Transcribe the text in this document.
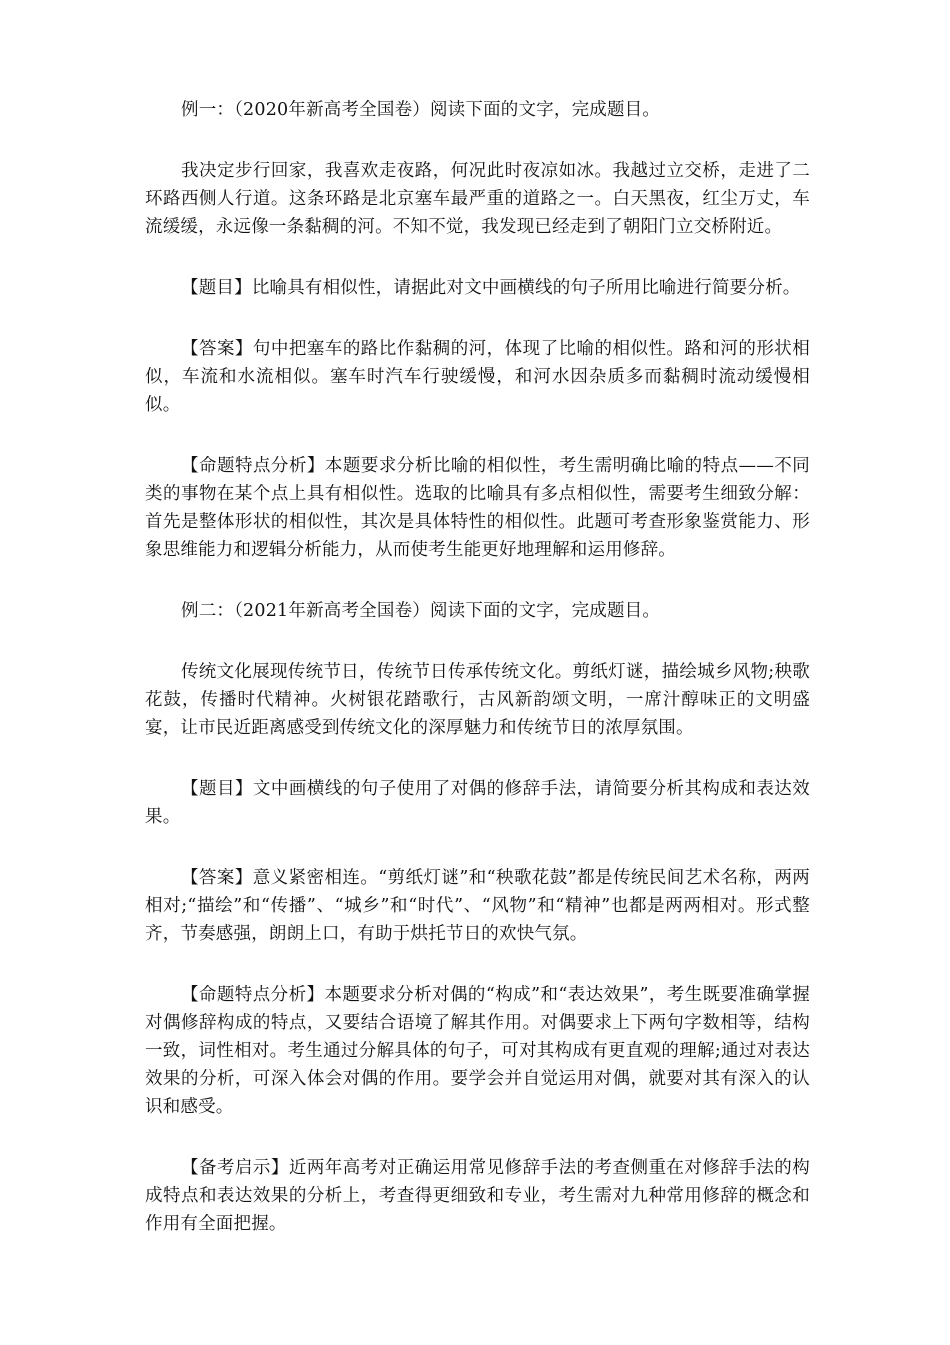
例一：（2020年新高考全国卷）阅读下面的文字，完成题目。

我决定步行回家，我喜欢走夜路，何况此时夜凉如冰。我越过立交桥，走进了二环路西侧人行道。这条环路是北京塞车最严重的道路之一。白天黑夜，红尘万丈，车流缓缓，永远像一条黏稠的河。不知不觉，我发现已经走到了朝阳门立交桥附近。

【题目】比喻具有相似性，请据此对文中画横线的句子所用比喻进行简要分析。

【答案】句中把塞车的路比作黏稠的河，体现了比喻的相似性。路和河的形状相似，车流和水流相似。塞车时汽车行驶缓慢，和河水因杂质多而黏稠时流动缓慢相似。

【命题特点分析】本题要求分析比喻的相似性，考生需明确比喻的特点——不同类的事物在某个点上具有相似性。选取的比喻具有多点相似性，需要考生细致分解：首先是整体形状的相似性，其次是具体特性的相似性。此题可考查形象鉴赏能力、形象思维能力和逻辑分析能力，从而使考生能更好地理解和运用修辞。

例二：（2021年新高考全国卷）阅读下面的文字，完成题目。

传统文化展现传统节日，传统节日传承传统文化。剪纸灯谜，描绘城乡风物;秧歌花鼓，传播时代精神。火树银花踏歌行，古风新韵颂文明，一席汁醇味正的文明盛宴，让市民近距离感受到传统文化的深厚魅力和传统节日的浓厚氛围。

【题目】文中画横线的句子使用了对偶的修辞手法，请简要分析其构成和表达效果。

【答案】意义紧密相连。“剪纸灯谜”和“秧歌花鼓”都是传统民间艺术名称，两两相对;“描绘”和“传播”、“城乡”和“时代”、“风物”和“精神”也都是两两相对。形式整齐，节奏感强，朗朗上口，有助于烘托节日的欢快气氛。

【命题特点分析】本题要求分析对偶的“构成”和“表达效果”，考生既要准确掌握对偶修辞构成的特点，又要结合语境了解其作用。对偶要求上下两句字数相等，结构一致，词性相对。考生通过分解具体的句子，可对其构成有更直观的理解;通过对表达效果的分析，可深入体会对偶的作用。要学会并自觉运用对偶，就要对其有深入的认识和感受。

【备考启示】近两年高考对正确运用常见修辞手法的考查侧重在对修辞手法的构成特点和表达效果的分析上，考查得更细致和专业，考生需对九种常用修辞的概念和作用有全面把握。
